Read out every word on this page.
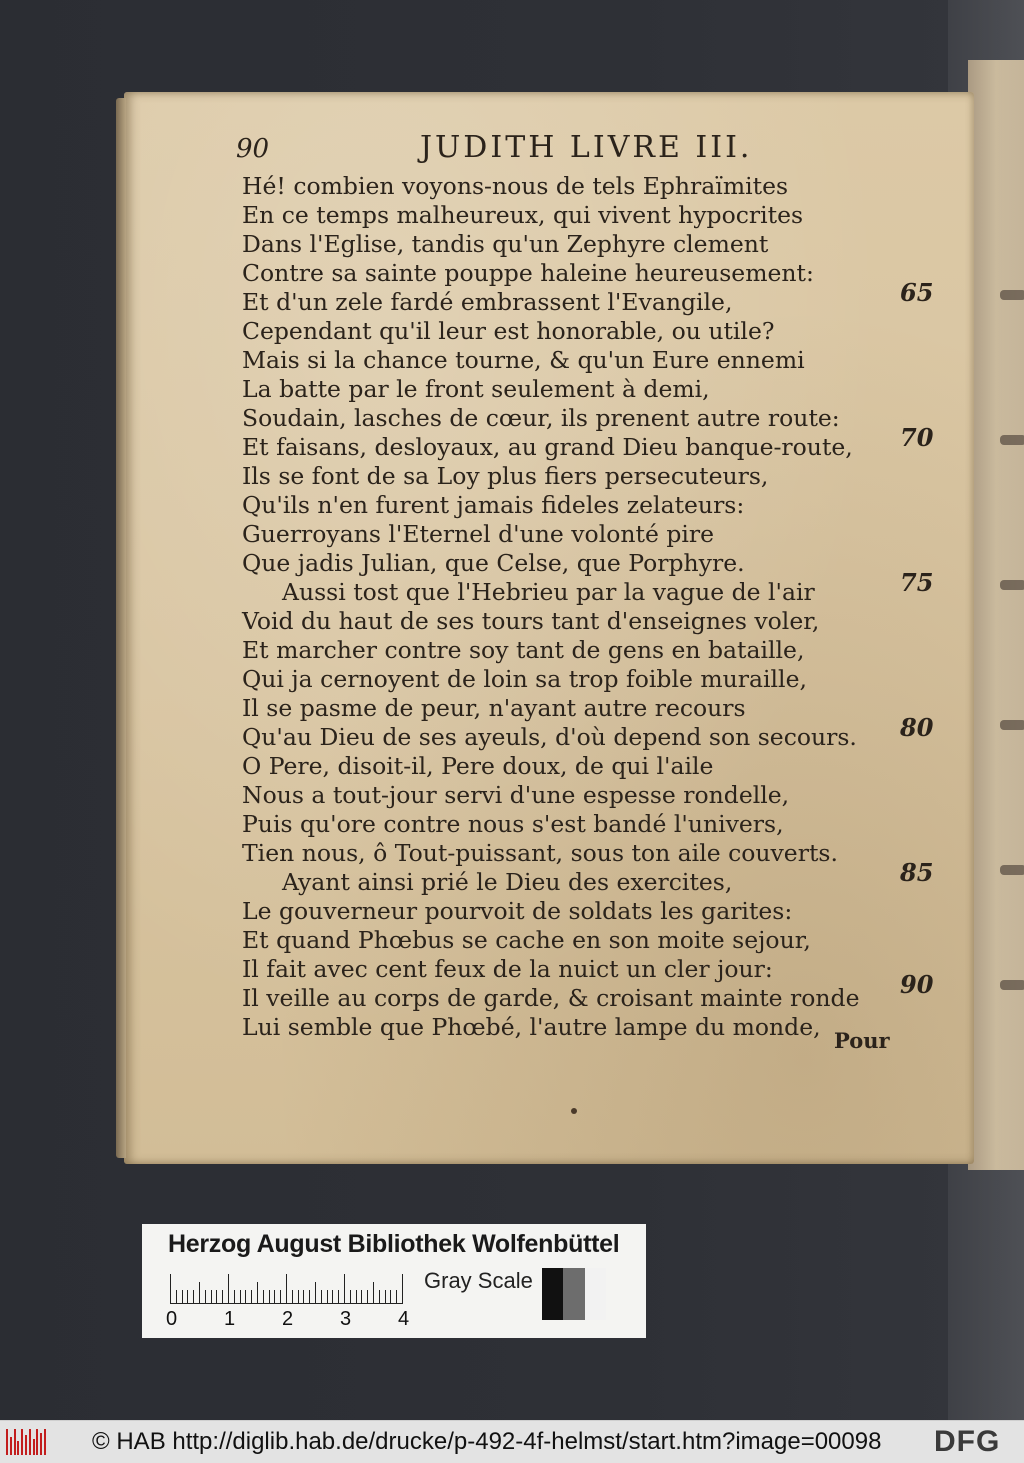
90	JUDITH LIVRE III.
Hé! combien voyons-nous de tels Ephraïmites
En ce temps malheureux, qui vivent hypocrites
Dans l'Eglise, tandis qu'un Zephyre clement
Contre sa sainte pouppe haleine heureusement:
Et d'un zele fardé embrassent l'Evangile,
Cependant qu'il leur est honorable, ou utile?
Mais si la chance tourne, & qu'un Eure ennemi
La batte par le front seulement à demi,
Soudain, lasches de cœur, ils prenent autre route:
Et faisans, desloyaux, au grand Dieu banque-route,
Ils se font de sa Loy plus fiers persecuteurs,
Qu'ils n'en furent jamais fideles zelateurs:
Guerroyans l'Eternel d'une volonté pire
Que jadis Julian, que Celse, que Porphyre.
Aussi tost que l'Hebrieu par la vague de l'air
Void du haut de ses tours tant d'enseignes voler,
Et marcher contre soy tant de gens en bataille,
Qui ja cernoyent de loin sa trop foible muraille,
Il se pasme de peur, n'ayant autre recours
Qu'au Dieu de ses ayeuls, d'où depend son secours.
O Pere, disoit-il, Pere doux, de qui l'aile
Nous a tout-jour servi d'une espesse rondelle,
Puis qu'ore contre nous s'est bandé l'univers,
Tien nous, ô Tout-puissant, sous ton aile couverts.
Ayant ainsi prié le Dieu des exercites,
Le gouverneur pourvoit de soldats les garites:
Et quand Phœbus se cache en son moite sejour,
Il fait avec cent feux de la nuict un cler jour:
Il veille au corps de garde, & croisant mainte ronde
Lui semble que Phœbé, l'autre lampe du monde,
65
70
75
80
85
90
Pour
Herzog August Bibliothek Wolfenbüttel
0 1 2 3 4
Gray Scale
© HAB http://diglib.hab.de/drucke/p-492-4f-helmst/start.htm?image=00098 DFG
